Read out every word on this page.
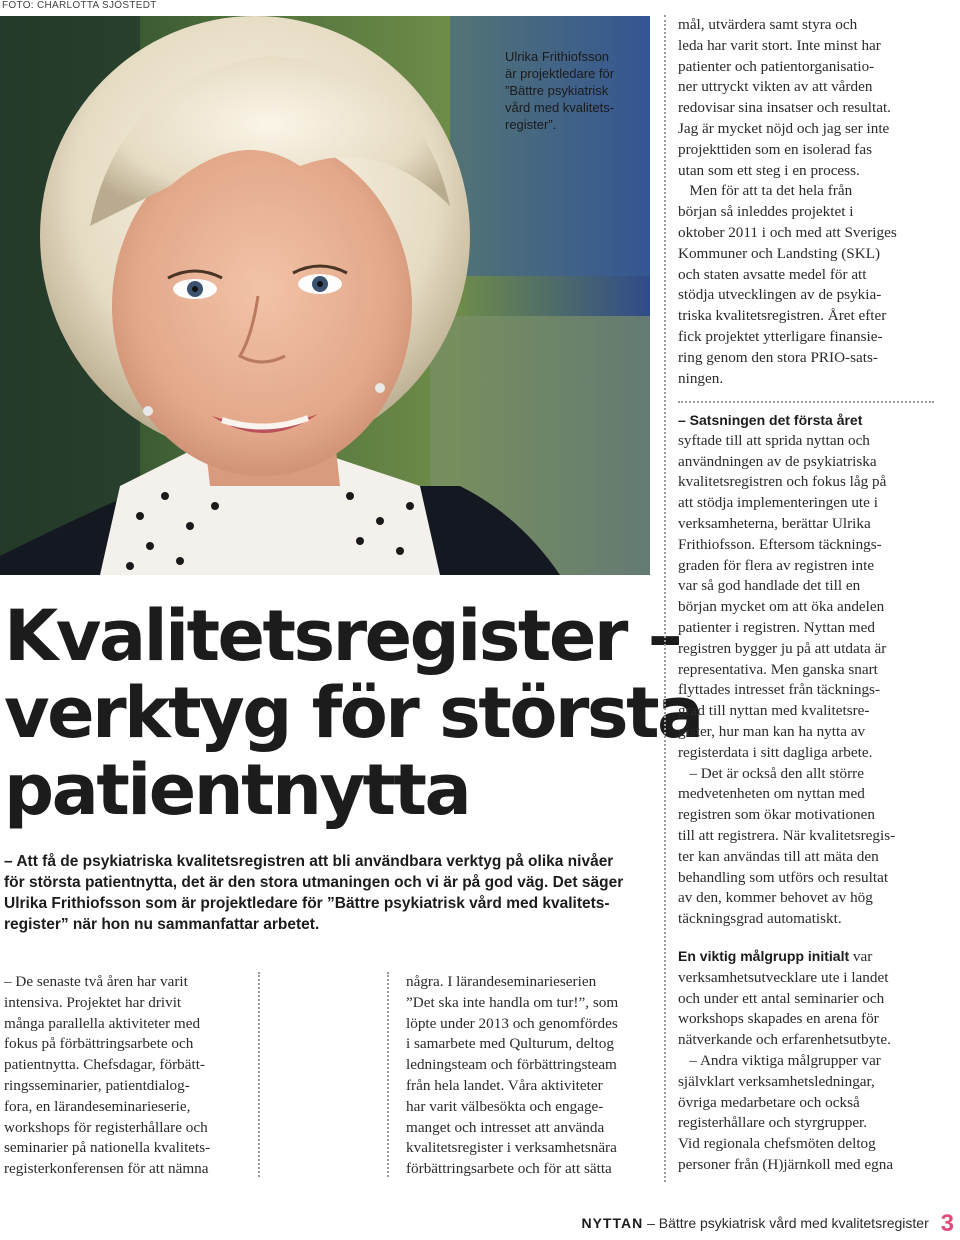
FOTO: CHARLOTTA SJÖSTEDT
Ulrika Frithiofsson
är projektledare för
”Bättre psykiatrisk
vård med kvalitets-
register”.
Kvalitetsregister –
verktyg för största
patientnytta
– Att få de psykiatriska kvalitetsregistren att bli användbara verktyg på olika nivåer
för största patientnytta, det är den stora utmaningen och vi är på god väg. Det säger
Ulrika Frithiofsson som är projektledare för ”Bättre psykiatrisk vård med kvalitets-
register” när hon nu sammanfattar arbetet.
– De senaste två åren har varit
intensiva. Projektet har drivit
många parallella aktiviteter med
fokus på förbättringsarbete och
patientnytta. Chefsdagar, förbätt-
ringsseminarier, patientdialog-
fora, en lärandeseminarieserie,
workshops för registerhållare och
seminarier på nationella kvalitets-
registerkonferensen för att nämna
några. I lärandeseminarieserien
”Det ska inte handla om tur!”, som
löpte under 2013 och genomfördes
i samarbete med Qulturum, deltog
ledningsteam och förbättringsteam
från hela landet. Våra aktiviteter
har varit välbesökta och engage-
manget och intresset att använda
kvalitetsregister i verksamhetsnära
förbättringsarbete och för att sätta
mål, utvärdera samt styra och
leda har varit stort. Inte minst har
patienter och patientorganisatio-
ner uttryckt vikten av att vården
redovisar sina insatser och resultat.
Jag är mycket nöjd och jag ser inte
projekttiden som en isolerad fas
utan som ett steg i en process.
Men för att ta det hela från
början så inleddes projektet i
oktober 2011 i och med att Sveriges
Kommuner och Landsting (SKL)
och staten avsatte medel för att
stödja utvecklingen av de psykia-
triska kvalitetsregistren. Året efter
fick projektet ytterligare finansie-
ring genom den stora PRIO-sats-
ningen.
– Satsningen det första året
syftade till att sprida nyttan och
användningen av de psykiatriska
kvalitetsregistren och fokus låg på
att stödja implementeringen ute i
verksamheterna, berättar Ulrika
Frithiofsson. Eftersom täcknings-
graden för flera av registren inte
var så god handlade det till en
början mycket om att öka andelen
patienter i registren. Nyttan med
registren bygger ju på att utdata är
representativa. Men ganska snart
flyttades intresset från täcknings-
grad till nyttan med kvalitetsre-
gister, hur man kan ha nytta av
registerdata i sitt dagliga arbete.
– Det är också den allt större
medvetenheten om nyttan med
registren som ökar motivationen
till att registrera. När kvalitetsregis-
ter kan användas till att mäta den
behandling som utförs och resultat
av den, kommer behovet av hög
täckningsgrad automatiskt.
En viktig målgrupp initialt var
verksamhetsutvecklare ute i landet
och under ett antal seminarier och
workshops skapades en arena för
nätverkande och erfarenhetsutbyte.
– Andra viktiga målgrupper var
självklart verksamhetsledningar,
övriga medarbetare och också
registerhållare och styrgrupper.
Vid regionala chefsmöten deltog
personer från (H)järnkoll med egna
NYTTAN – Bättre psykiatrisk vård med kvalitetsregister 3
